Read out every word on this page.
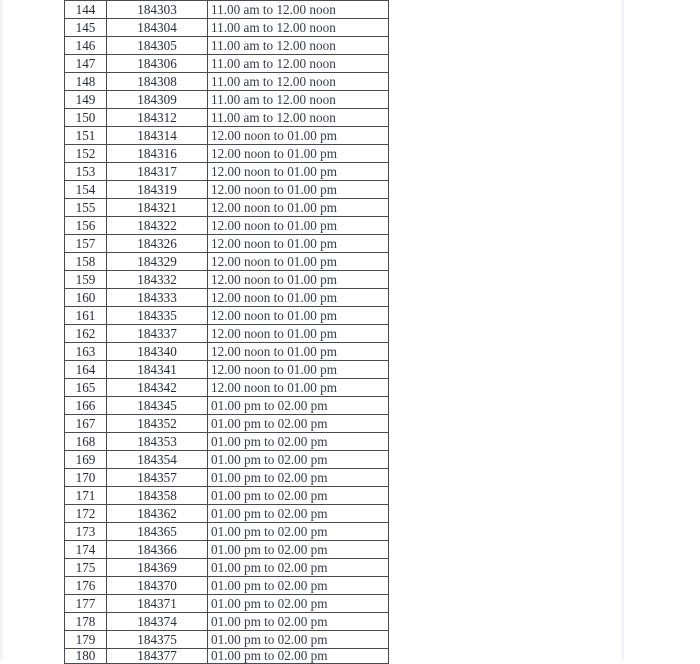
144	184303	11.00 am to 12.00 noon
145	184304	11.00 am to 12.00 noon
146	184305	11.00 am to 12.00 noon
147	184306	11.00 am to 12.00 noon
148	184308	11.00 am to 12.00 noon
149	184309	11.00 am to 12.00 noon
150	184312	11.00 am to 12.00 noon
151	184314	12.00 noon to 01.00 pm
152	184316	12.00 noon to 01.00 pm
153	184317	12.00 noon to 01.00 pm
154	184319	12.00 noon to 01.00 pm
155	184321	12.00 noon to 01.00 pm
156	184322	12.00 noon to 01.00 pm
157	184326	12.00 noon to 01.00 pm
158	184329	12.00 noon to 01.00 pm
159	184332	12.00 noon to 01.00 pm
160	184333	12.00 noon to 01.00 pm
161	184335	12.00 noon to 01.00 pm
162	184337	12.00 noon to 01.00 pm
163	184340	12.00 noon to 01.00 pm
164	184341	12.00 noon to 01.00 pm
165	184342	12.00 noon to 01.00 pm
166	184345	01.00 pm to 02.00 pm
167	184352	01.00 pm to 02.00 pm
168	184353	01.00 pm to 02.00 pm
169	184354	01.00 pm to 02.00 pm
170	184357	01.00 pm to 02.00 pm
171	184358	01.00 pm to 02.00 pm
172	184362	01.00 pm to 02.00 pm
173	184365	01.00 pm to 02.00 pm
174	184366	01.00 pm to 02.00 pm
175	184369	01.00 pm to 02.00 pm
176	184370	01.00 pm to 02.00 pm
177	184371	01.00 pm to 02.00 pm
178	184374	01.00 pm to 02.00 pm
179	184375	01.00 pm to 02.00 pm
180	184377	01.00 pm to 02.00 pm
